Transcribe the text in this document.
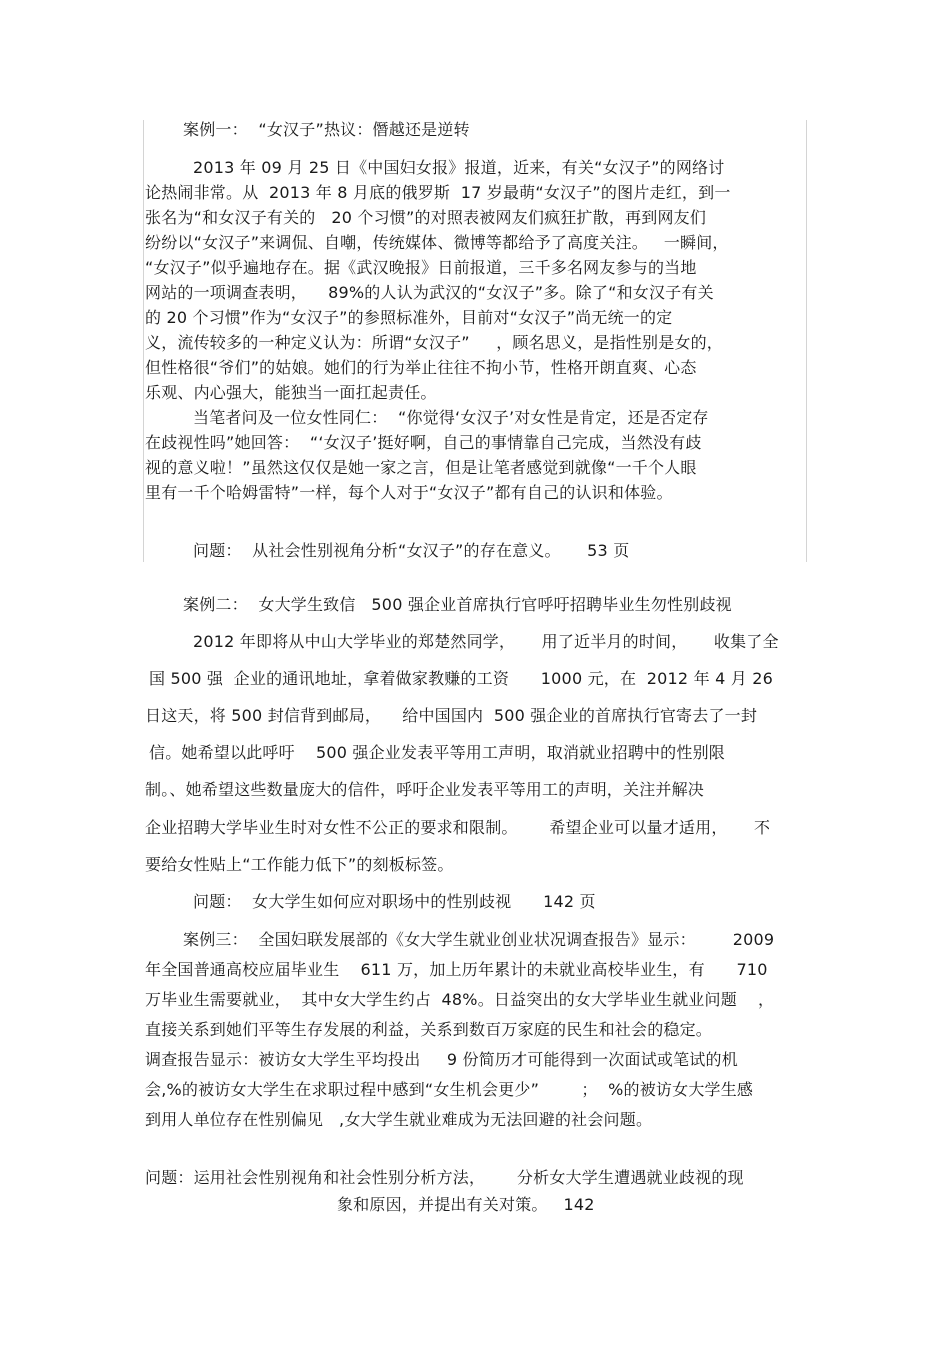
案例一：  “女汉子”热议：僭越还是逆转
2013 年 09 月 25 日《中国妇女报》报道，近来，有关“女汉子”的网络讨
论热闹非常。从  2013 年 8 月底的俄罗斯  17 岁最萌“女汉子”的图片走红，到一
张名为“和女汉子有关的   20 个习惯”的对照表被网友们疯狂扩散，再到网友们
纷纷以“女汉子”来调侃、自嘲，传统媒体、微博等都给予了高度关注。   一瞬间，
“女汉子”似乎遍地存在。据《武汉晚报》日前报道，三千多名网友参与的当地
网站的一项调查表明，    89%的人认为武汉的“女汉子”多。除了“和女汉子有关
的 20 个习惯”作为“女汉子”的参照标准外，目前对“女汉子”尚无统一的定
义，流传较多的一种定义认为：所谓“女汉子”     ，顾名思义，是指性别是女的，
但性格很“爷们”的姑娘。她们的行为举止往往不拘小节，性格开朗直爽、心态
乐观、内心强大，能独当一面扛起责任。
当笔者问及一位女性同仁：  “你觉得‘女汉子’对女性是肯定，还是否定存
在歧视性吗”她回答：  “‘女汉子’挺好啊，自己的事情靠自己完成，当然没有歧
视的意义啦！”虽然这仅仅是她一家之言，但是让笔者感觉到就像“一千个人眼
里有一千个哈姆雷特”一样，每个人对于“女汉子”都有自己的认识和体验。
问题：  从社会性别视角分析“女汉子”的存在意义。     53 页
案例二：  女大学生致信   500 强企业首席执行官呼吁招聘毕业生勿性别歧视
2012 年即将从中山大学毕业的郑楚然同学，     用了近半月的时间，     收集了全
国 500 强  企业的通讯地址，拿着做家教赚的工资      1000 元，在  2012 年 4 月 26
日这天，将 500 封信背到邮局，    给中国国内  500 强企业的首席执行官寄去了一封
信。她希望以此呼吁    500 强企业发表平等用工声明，取消就业招聘中的性别限
制。、她希望这些数量庞大的信件，呼吁企业发表平等用工的声明，关注并解决
企业招聘大学毕业生时对女性不公正的要求和限制。      希望企业可以量才适用，     不
要给女性贴上“工作能力低下”的刻板标签。
问题：  女大学生如何应对职场中的性别歧视      142 页
案例三：  全国妇联发展部的《女大学生就业创业状况调查报告》显示：       2009
年全国普通高校应届毕业生    611 万，加上历年累计的未就业高校毕业生，有      710
万毕业生需要就业，  其中女大学生约占  48%。日益突出的女大学毕业生就业问题    ，
直接关系到她们平等生存发展的利益，关系到数百万家庭的民生和社会的稳定。
调查报告显示：被访女大学生平均投出     9 份简历才可能得到一次面试或笔试的机
会,%的被访女大学生在求职过程中感到“女生机会更少”        ；  %的被访女大学生感
到用人单位存在性别偏见   ,女大学生就业难成为无法回避的社会问题。
问题：运用社会性别视角和社会性别分析方法，      分析女大学生遭遇就业歧视的现
象和原因，并提出有关对策。   142
